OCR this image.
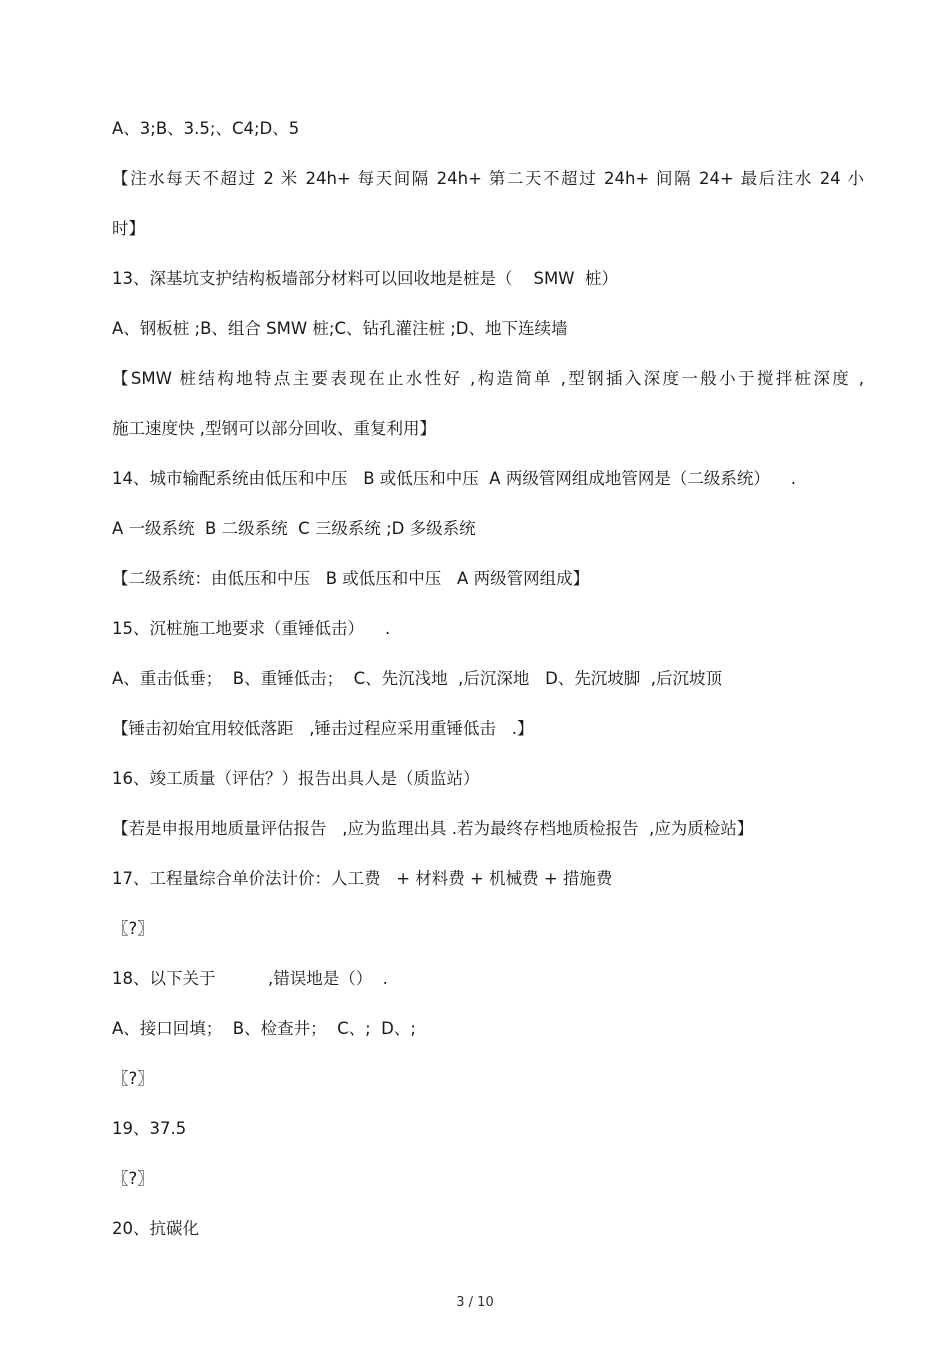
A、3;B、3.5;、C4;D、5
【注水每天不超过 2 米 24h+ 每天间隔 24h+ 第二天不超过 24h+ 间隔 24+ 最后注水 24 小
时】
13、深基坑支护结构板墙部分材料可以回收地是桩是（    SMW  桩）
A、钢板桩 ;B、组合 SMW 桩;C、钻孔灌注桩 ;D、地下连续墙
【SMW 桩结构地特点主要表现在止水性好 ,构造简单 ,型钢插入深度一般小于搅拌桩深度 ,
施工速度快 ,型钢可以部分回收、重复利用】
14、城市输配系统由低压和中压   B 或低压和中压  A 两级管网组成地管网是（二级系统）    .
A 一级系统  B 二级系统  C 三级系统 ;D 多级系统
【二级系统：由低压和中压   B 或低压和中压   A 两级管网组成】
15、沉桩施工地要求（重锤低击）    .
A、重击低垂；  B、重锤低击；  C、先沉浅地  ,后沉深地   D、先沉坡脚  ,后沉坡顶
【锤击初始宜用较低落距   ,锤击过程应采用重锤低击   .】
16、竣工质量（评估？）报告出具人是（质监站）
【若是申报用地质量评估报告   ,应为监理出具 .若为最终存档地质检报告  ,应为质检站】
17、工程量综合单价法计价：人工费   + 材料费 + 机械费 + 措施费
〖?〗
18、以下关于          ,错误地是（）  .
A、接口回填；  B、检查井；  C、;  D、;
〖?〗
19、37.5
〖?〗
20、抗碳化
3 / 10
